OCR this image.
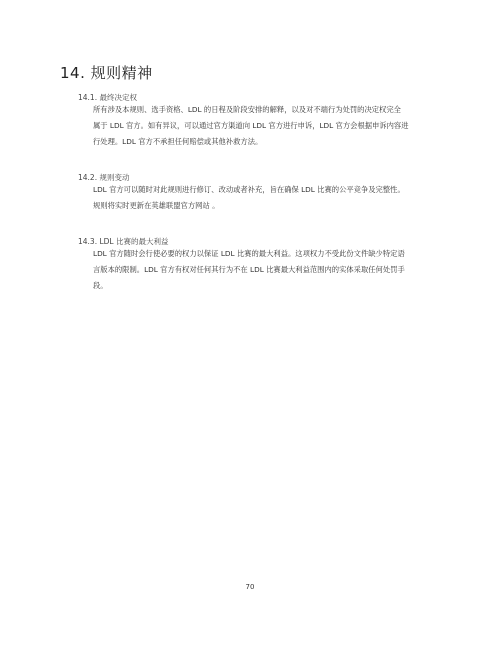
14. 规则精神
14.1. 最终决定权
所有涉及本规则、选手资格、LDL 的日程及阶段安排的解释，以及对不端行为处罚的决定权完全
属于 LDL 官方。如有异议，可以通过官方渠道向 LDL 官方进行申诉，LDL 官方会根据申诉内容进
行处理。LDL 官方不承担任何赔偿或其他补救方法。
14.2. 规则变动
LDL 官方可以随时对此规则进行修订、改动或者补充，旨在确保 LDL 比赛的公平竞争及完整性。
规则将实时更新在英雄联盟官方网站 。
14.3. LDL 比赛的最大利益
LDL 官方随时会行使必要的权力以保证 LDL 比赛的最大利益。这项权力不受此份文件缺少特定语
言版本的限制。LDL 官方有权对任何其行为不在 LDL 比赛最大利益范围内的实体采取任何处罚手
段。
70
